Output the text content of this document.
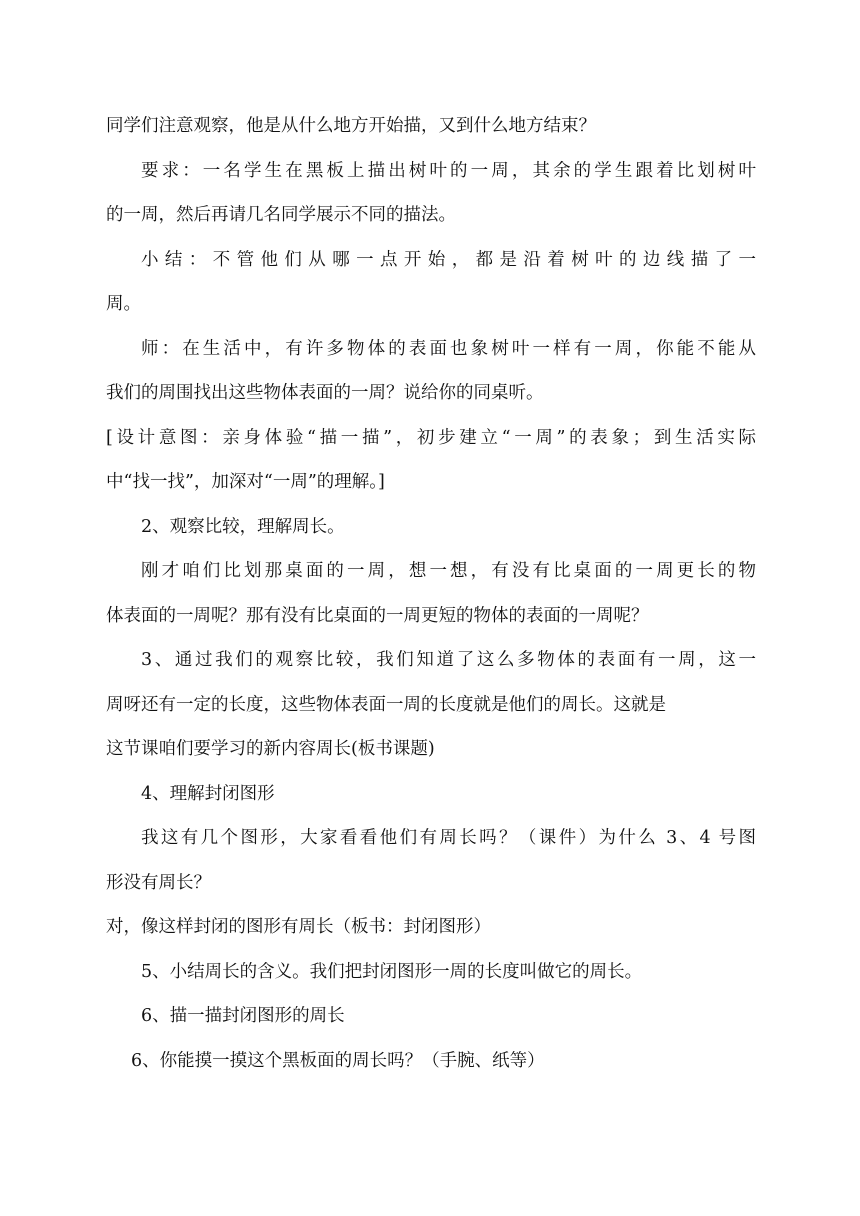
同学们注意观察，他是从什么地方开始描，又到什么地方结束？
要求：一名学生在黑板上描出树叶的一周，其余的学生跟着比划树叶
的一周，然后再请几名同学展示不同的描法。
小结：不管他们从哪一点开始，都是沿着树叶的边线描了一
周。
师：在生活中，有许多物体的表面也象树叶一样有一周，你能不能从
我们的周围找出这些物体表面的一周？说给你的同桌听。
[设计意图：亲身体验“描一描”，初步建立“一周”的表象；到生活实际
中“找一找”，加深对“一周”的理解。]
2、观察比较，理解周长。
刚才咱们比划那桌面的一周，想一想，有没有比桌面的一周更长的物
体表面的一周呢？那有没有比桌面的一周更短的物体的表面的一周呢？
3、通过我们的观察比较，我们知道了这么多物体的表面有一周，这一
周呀还有一定的长度，这些物体表面一周的长度就是他们的周长。这就是
这节课咱们要学习的新内容周长(板书课题)
4、理解封闭图形
我这有几个图形，大家看看他们有周长吗？（课件）为什么 3、4 号图
形没有周长？
对，像这样封闭的图形有周长（板书：封闭图形）
5、小结周长的含义。我们把封闭图形一周的长度叫做它的周长。
6、描一描封闭图形的周长
6、你能摸一摸这个黑板面的周长吗？（手腕、纸等）
